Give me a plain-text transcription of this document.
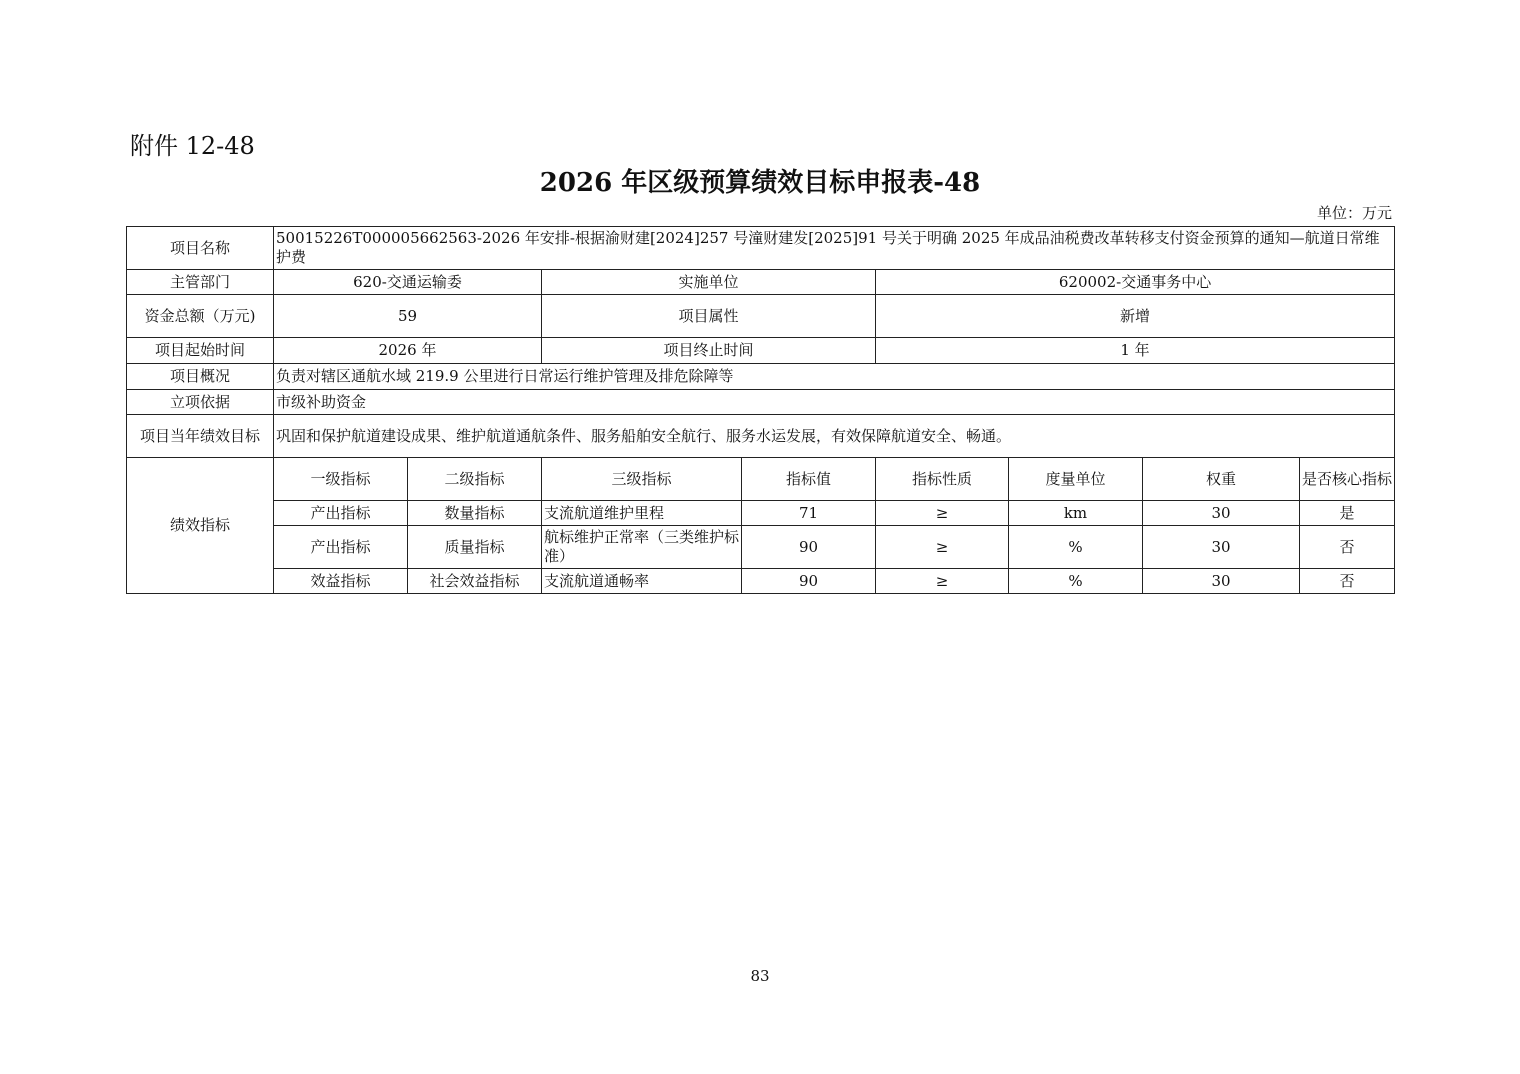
附件 12-48
2026 年区级预算绩效目标申报表-48
单位：万元
项目名称	50015226T000005662563-2026 年安排-根据渝财建[2024]257 号潼财建发[2025]91 号关于明确 2025 年成品油税费改革转移支付资金预算的通知—航道日常维护费							
主管部门	620-交通运输委		实施单位		620002-交通事务中心			
资金总额（万元)	59		项目属性		新增			
项目起始时间	2026 年		项目终止时间		1 年			
项目概况	负责对辖区通航水域 219.9 公里进行日常运行维护管理及排危除障等							
立项依据	市级补助资金							
项目当年绩效目标	巩固和保护航道建设成果、维护航道通航条件、服务船舶安全航行、服务水运发展，有效保障航道安全、畅通。							
绩效指标	一级指标	二级指标	三级指标	指标值	指标性质	度量单位	权重	是否核心指标
	产出指标	数量指标	支流航道维护里程	71	≥	km	30	是
	产出指标	质量指标	航标维护正常率（三类维护标准）	90	≥	%	30	否
	效益指标	社会效益指标	支流航道通畅率	90	≥	%	30	否
83
